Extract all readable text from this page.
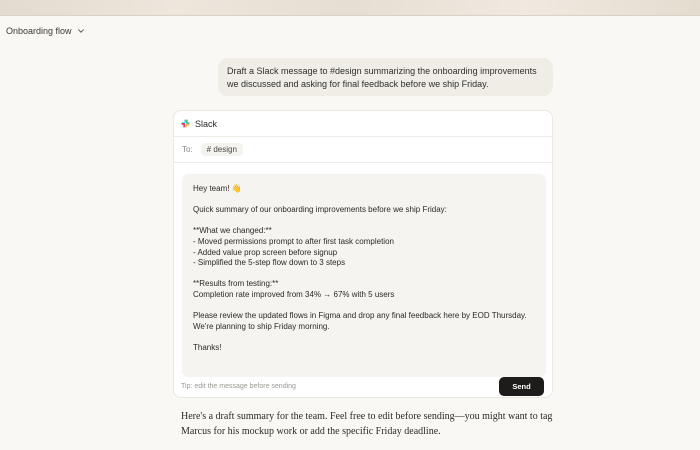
Onboarding flow
Draft a Slack message to #design summarizing the onboarding improvements we discussed and asking for final feedback before we ship Friday.
Slack
To:	# design

Hey team! 👋

Quick summary of our onboarding improvements before we ship Friday:

**What we changed:**

- Moved permissions prompt to after first task completion

- Added value prop screen before signup

- Simplified the 5-step flow down to 3 steps

**Results from testing:**

Completion rate improved from 34% → 67% with 5 users

Please review the updated flows in Figma and drop any final feedback here by EOD Thursday.

We're planning to ship Friday morning.

Thanks!

Tip: edit the message before sending	Send
Here's a draft summary for the team. Feel free to edit before sending—you might want to tag Marcus for his mockup work or add the specific Friday deadline.
